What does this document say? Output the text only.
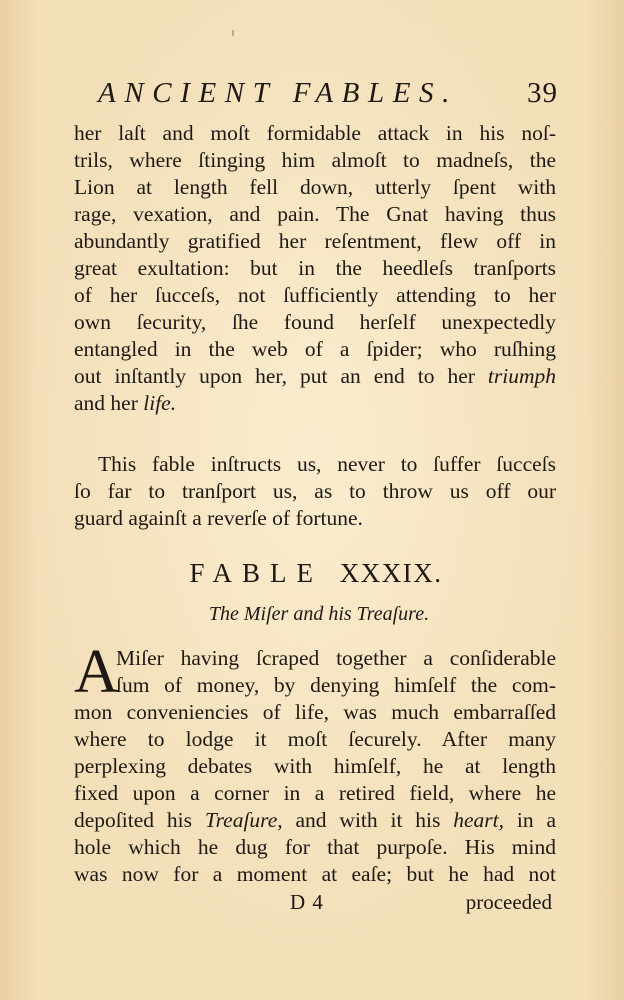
ANCIENT FABLES. 39
her laſt and moſt formidable attack in his noſ-
trils, where ſtinging him almoſt to madneſs, the
Lion at length fell down, utterly ſpent with
rage, vexation, and pain. The Gnat having thus
abundantly gratified her reſentment, flew off in
great exultation: but in the heedleſs tranſports
of her ſucceſs, not ſufficiently attending to her
own ſecurity, ſhe found herſelf unexpectedly
entangled in the web of a ſpider; who ruſhing
out inſtantly upon her, put an end to her triumph
and her life.
This fable inſtructs us, never to ſuffer ſucceſs
ſo far to tranſport us, as to throw us off our
guard againſt a reverſe of fortune.
FABLE XXXIX.
The Miſer and his Treaſure.
A
Miſer having ſcraped together a conſiderable
ſum of money, by denying himſelf the com-
mon conveniencies of life, was much embarraſſed
where to lodge it moſt ſecurely. After many
perplexing debates with himſelf, he at length
fixed upon a corner in a retired field, where he
depoſited his Treaſure, and with it his heart, in a
hole which he dug for that purpoſe. His mind
was now for a moment at eaſe; but he had not
D 4	proceeded
